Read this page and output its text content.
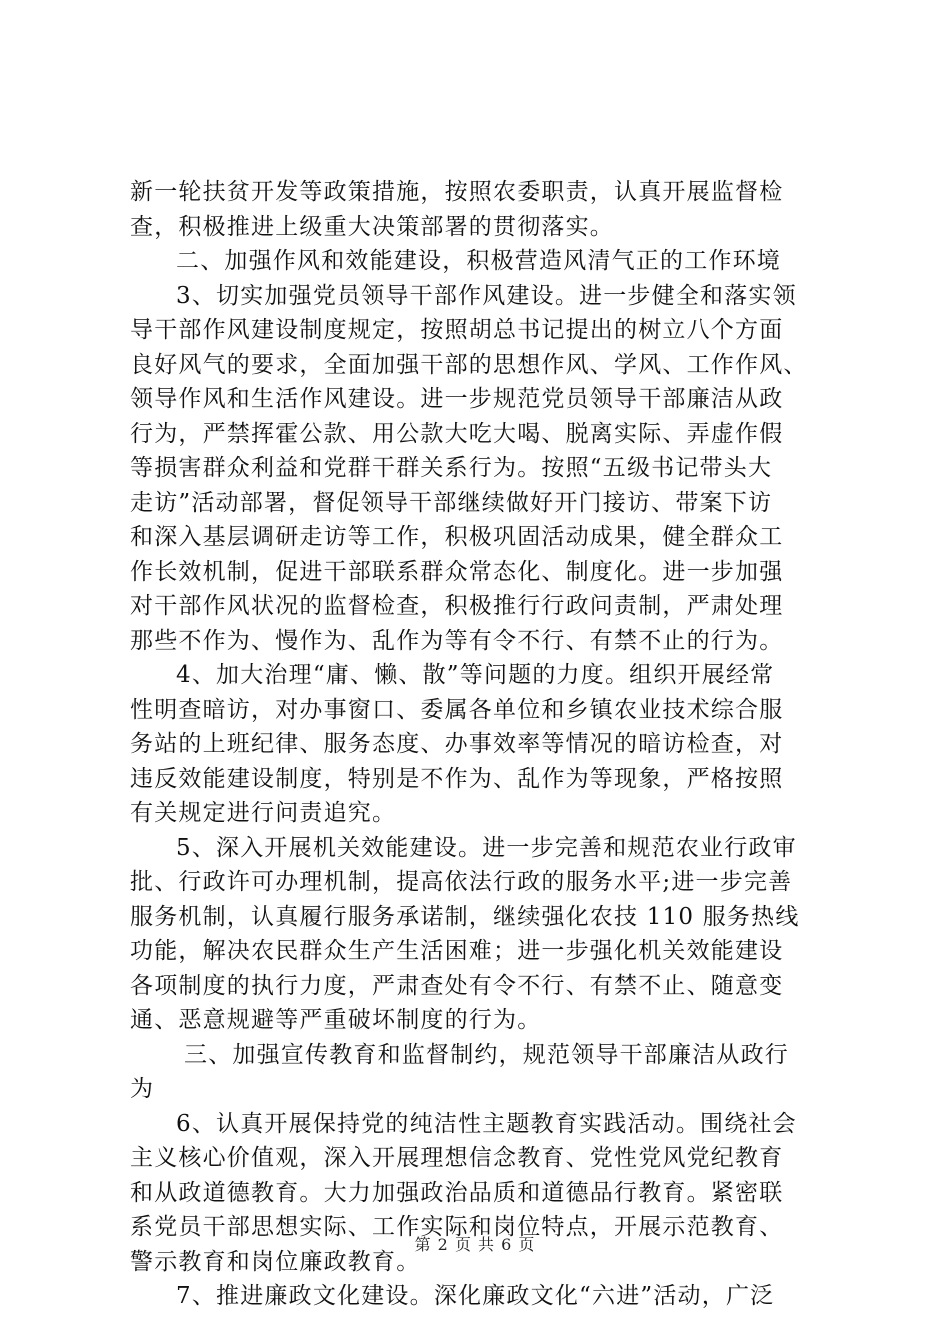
新一轮扶贫开发等政策措施，按照农委职责，认真开展监督检
查，积极推进上级重大决策部署的贯彻落实。
二、加强作风和效能建设，积极营造风清气正的工作环境
3、切实加强党员领导干部作风建设。进一步健全和落实领
导干部作风建设制度规定，按照胡总书记提出的树立八个方面
良好风气的要求，全面加强干部的思想作风、学风、工作作风、
领导作风和生活作风建设。进一步规范党员领导干部廉洁从政
行为，严禁挥霍公款、用公款大吃大喝、脱离实际、弄虚作假
等损害群众利益和党群干群关系行为。按照“五级书记带头大
走访”活动部署，督促领导干部继续做好开门接访、带案下访
和深入基层调研走访等工作，积极巩固活动成果，健全群众工
作长效机制，促进干部联系群众常态化、制度化。进一步加强
对干部作风状况的监督检查，积极推行行政问责制，严肃处理
那些不作为、慢作为、乱作为等有令不行、有禁不止的行为。
4、加大治理“庸、懒、散”等问题的力度。组织开展经常
性明查暗访，对办事窗口、委属各单位和乡镇农业技术综合服
务站的上班纪律、服务态度、办事效率等情况的暗访检查，对
违反效能建设制度，特别是不作为、乱作为等现象，严格按照
有关规定进行问责追究。
5、深入开展机关效能建设。进一步完善和规范农业行政审
批、行政许可办理机制，提高依法行政的服务水平;进一步完善
服务机制，认真履行服务承诺制，继续强化农技 110 服务热线
功能，解决农民群众生产生活困难；进一步强化机关效能建设
各项制度的执行力度，严肃查处有令不行、有禁不止、随意变
通、恶意规避等严重破坏制度的行为。
三、加强宣传教育和监督制约，规范领导干部廉洁从政行
为
6、认真开展保持党的纯洁性主题教育实践活动。围绕社会
主义核心价值观，深入开展理想信念教育、党性党风党纪教育
和从政道德教育。大力加强政治品质和道德品行教育。紧密联
系党员干部思想实际、工作实际和岗位特点，开展示范教育、
警示教育和岗位廉政教育。
7、推进廉政文化建设。深化廉政文化“六进”活动，广泛
第 2 页 共 6 页
